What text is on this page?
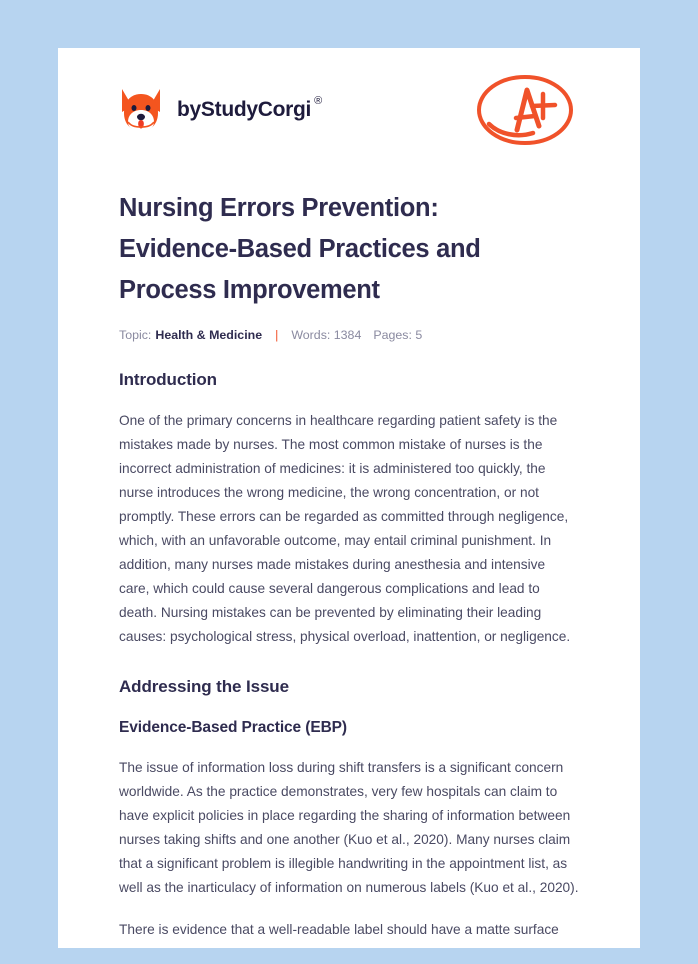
by StudyCorgi ®
Nursing Errors Prevention: Evidence-Based Practices and Process Improvement
Topic: Health & Medicine | Words: 1384 Pages: 5
Introduction

One of the primary concerns in healthcare regarding patient safety is the mistakes made by nurses. The most common mistake of nurses is the incorrect administration of medicines: it is administered too quickly, the nurse introduces the wrong medicine, the wrong concentration, or not promptly. These errors can be regarded as committed through negligence, which, with an unfavorable outcome, may entail criminal punishment. In addition, many nurses made mistakes during anesthesia and intensive care, which could cause several dangerous complications and lead to death. Nursing mistakes can be prevented by eliminating their leading causes: psychological stress, physical overload, inattention, or negligence.

Addressing the Issue
Evidence-Based Practice (EBP)

The issue of information loss during shift transfers is a significant concern worldwide. As the practice demonstrates, very few hospitals can claim to have explicit policies in place regarding the sharing of information between nurses taking shifts and one another (Kuo et al., 2020). Many nurses claim that a significant problem is illegible handwriting in the appointment list, as well as the inarticulacy of information on numerous labels (Kuo et al., 2020).

There is evidence that a well-readable label should have a matte surface
